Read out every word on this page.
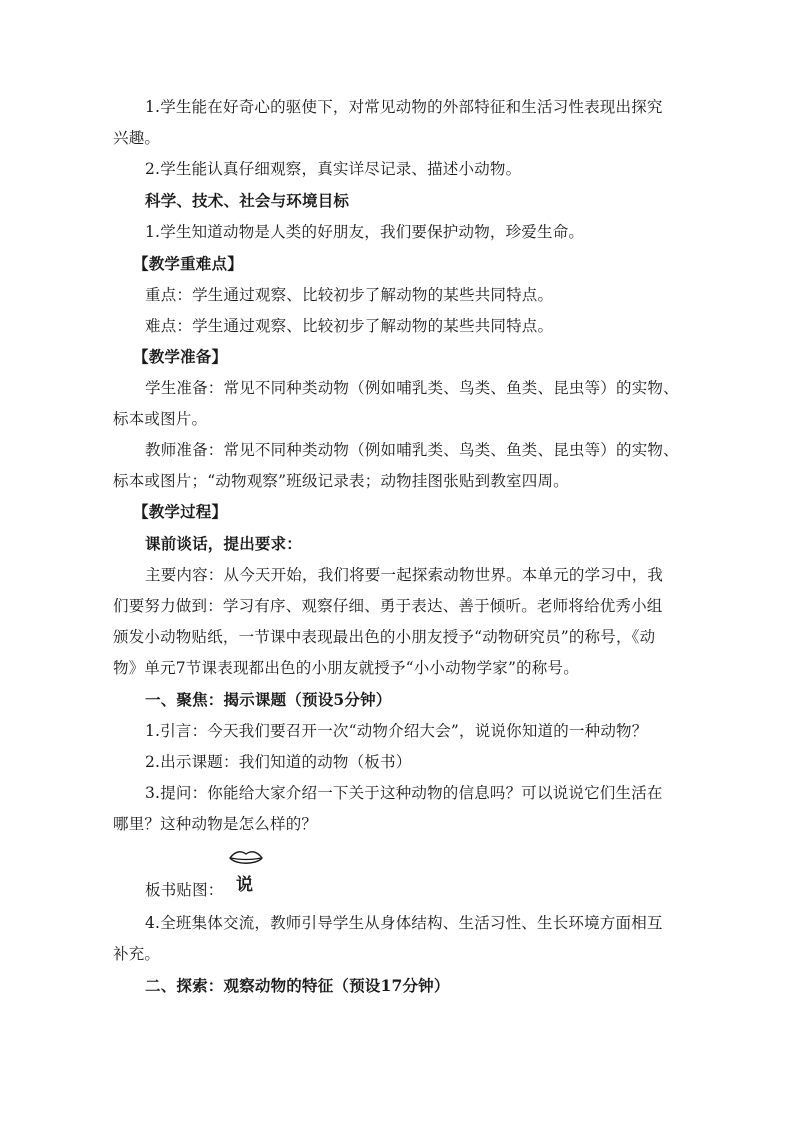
1.学生能在好奇心的驱使下，对常见动物的外部特征和生活习性表现出探究
兴趣。
2.学生能认真仔细观察，真实详尽记录、描述小动物。
科学、技术、社会与环境目标
1.学生知道动物是人类的好朋友，我们要保护动物，珍爱生命。
【教学重难点】
重点：学生通过观察、比较初步了解动物的某些共同特点。
难点：学生通过观察、比较初步了解动物的某些共同特点。
【教学准备】
学生准备：常见不同种类动物（例如哺乳类、鸟类、鱼类、昆虫等）的实物、
标本或图片。
教师准备：常见不同种类动物（例如哺乳类、鸟类、鱼类、昆虫等）的实物、
标本或图片；“动物观察”班级记录表；动物挂图张贴到教室四周。
【教学过程】
课前谈话，提出要求：
主要内容：从今天开始，我们将要一起探索动物世界。本单元的学习中，我
们要努力做到：学习有序、观察仔细、勇于表达、善于倾听。老师将给优秀小组
颁发小动物贴纸，一节课中表现最出色的小朋友授予“动物研究员”的称号，《动
物》单元7节课表现都出色的小朋友就授予“小小动物学家”的称号。
一、聚焦：揭示课题（预设5分钟）
1.引言：今天我们要召开一次“动物介绍大会”，说说你知道的一种动物？
2.出示课题：我们知道的动物（板书）
3.提问：你能给大家介绍一下关于这种动物的信息吗？可以说说它们生活在
哪里？这种动物是怎么样的？
说
板书贴图：
4.全班集体交流，教师引导学生从身体结构、生活习性、生长环境方面相互
补充。
二、探索：观察动物的特征（预设17分钟）
